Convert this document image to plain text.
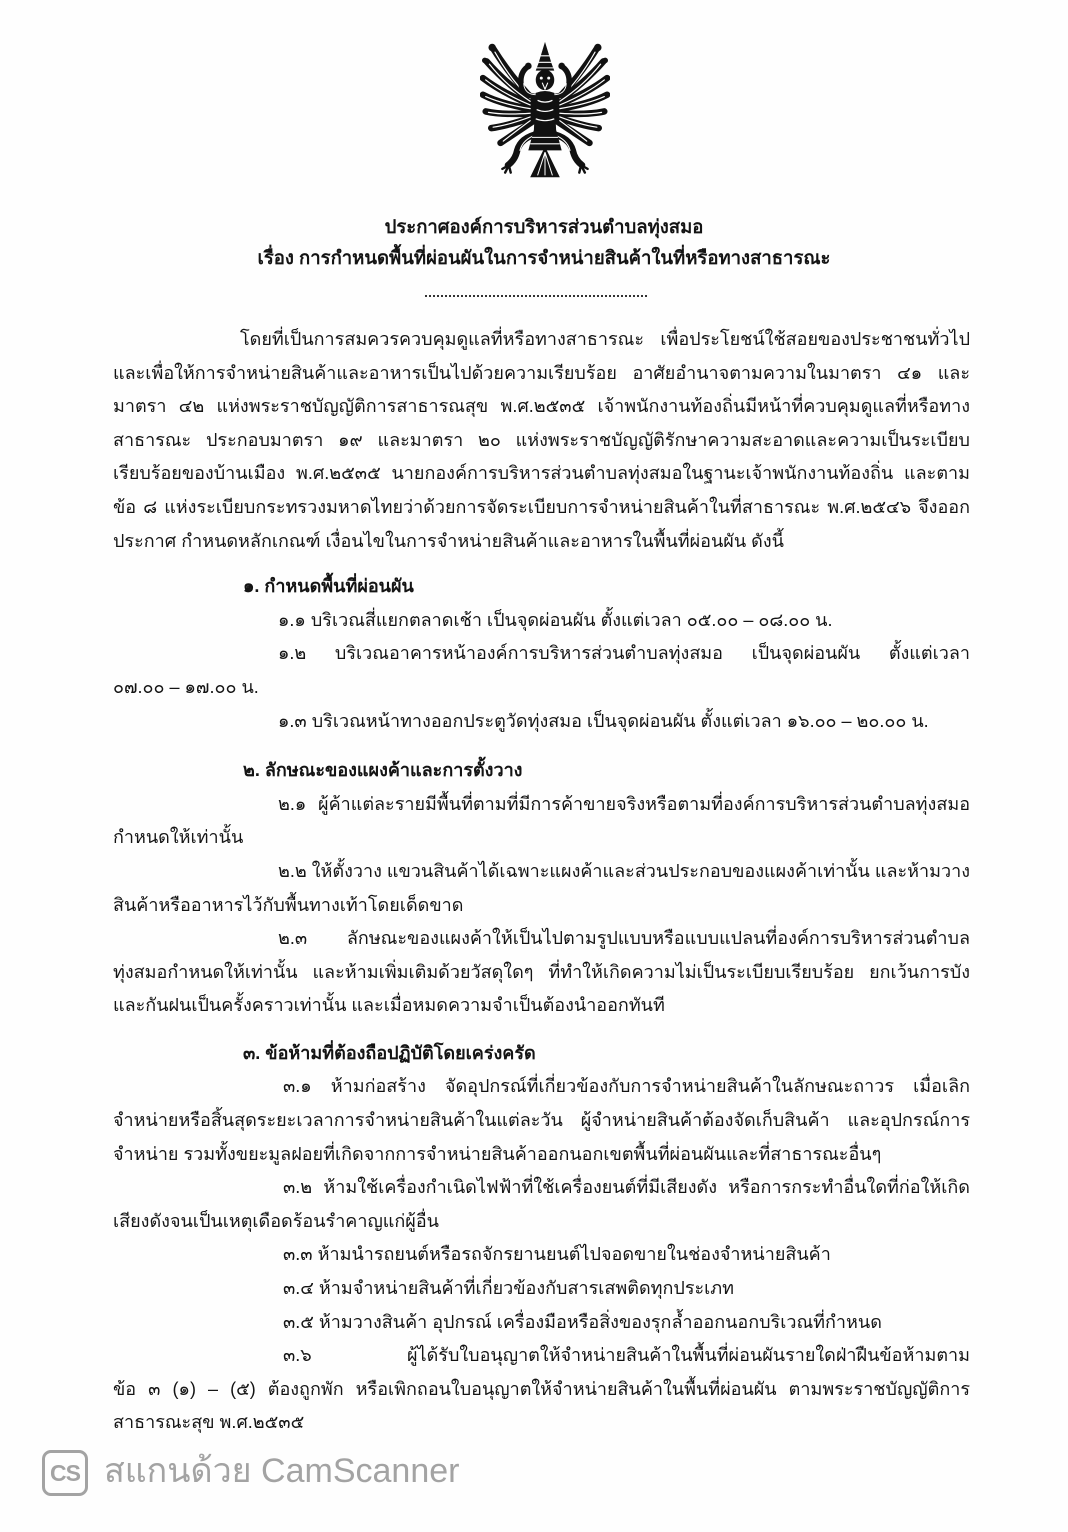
ประกาศองค์การบริหารส่วนตำบลทุ่งสมอ
เรื่อง การกำหนดพื้นที่ผ่อนผันในการจำหน่ายสินค้าในที่หรือทางสาธารณะ
โดยที่เป็นการสมควรควบคุมดูแลที่หรือทางสาธารณะ เพื่อประโยชน์ใช้สอยของประชาชนทั่วไป
และเพื่อให้การจำหน่ายสินค้าและอาหารเป็นไปด้วยความเรียบร้อย อาศัยอำนาจตามความในมาตรา ๔๑ และ
มาตรา ๔๒ แห่งพระราชบัญญัติการสาธารณสุข พ.ศ.๒๕๓๕ เจ้าพนักงานท้องถิ่นมีหน้าที่ควบคุมดูแลที่หรือทาง
สาธารณะ ประกอบมาตรา ๑๙ และมาตรา ๒๐ แห่งพระราชบัญญัติรักษาความสะอาดและความเป็นระเบียบ
เรียบร้อยของบ้านเมือง พ.ศ.๒๕๓๕ นายกองค์การบริหารส่วนตำบลทุ่งสมอในฐานะเจ้าพนักงานท้องถิ่น และตาม
ข้อ ๘ แห่งระเบียบกระทรวงมหาดไทยว่าด้วยการจัดระเบียบการจำหน่ายสินค้าในที่สาธารณะ พ.ศ.๒๕๔๖ จึงออก
ประกาศ กำหนดหลักเกณฑ์ เงื่อนไขในการจำหน่ายสินค้าและอาหารในพื้นที่ผ่อนผัน ดังนี้
๑. กำหนดพื้นที่ผ่อนผัน
๑.๑ บริเวณสี่แยกตลาดเช้า เป็นจุดผ่อนผัน ตั้งแต่เวลา ๐๕.๐๐ – ๐๘.๐๐ น.
๑.๒ บริเวณอาคารหน้าองค์การบริหารส่วนตำบลทุ่งสมอ เป็นจุดผ่อนผัน ตั้งแต่เวลา
๐๗.๐๐ – ๑๗.๐๐ น.
๑.๓ บริเวณหน้าทางออกประตูวัดทุ่งสมอ เป็นจุดผ่อนผัน ตั้งแต่เวลา ๑๖.๐๐ – ๒๐.๐๐ น.
๒. ลักษณะของแผงค้าและการตั้งวาง
๒.๑ ผู้ค้าแต่ละรายมีพื้นที่ตามที่มีการค้าขายจริงหรือตามที่องค์การบริหารส่วนตำบลทุ่งสมอ
กำหนดให้เท่านั้น
๒.๒ ให้ตั้งวาง แขวนสินค้าได้เฉพาะแผงค้าและส่วนประกอบของแผงค้าเท่านั้น และห้ามวาง
สินค้าหรืออาหารไว้กับพื้นทางเท้าโดยเด็ดขาด
๒.๓ ลักษณะของแผงค้าให้เป็นไปตามรูปแบบหรือแบบแปลนที่องค์การบริหารส่วนตำบล
ทุ่งสมอกำหนดให้เท่านั้น และห้ามเพิ่มเติมด้วยวัสดุใดๆ ที่ทำให้เกิดความไม่เป็นระเบียบเรียบร้อย ยกเว้นการบัง
และกันฝนเป็นครั้งคราวเท่านั้น และเมื่อหมดความจำเป็นต้องนำออกทันที
๓. ข้อห้ามที่ต้องถือปฏิบัติโดยเคร่งครัด
๓.๑ ห้ามก่อสร้าง จัดอุปกรณ์ที่เกี่ยวข้องกับการจำหน่ายสินค้าในลักษณะถาวร เมื่อเลิก
จำหน่ายหรือสิ้นสุดระยะเวลาการจำหน่ายสินค้าในแต่ละวัน ผู้จำหน่ายสินค้าต้องจัดเก็บสินค้า และอุปกรณ์การ
จำหน่าย รวมทั้งขยะมูลฝอยที่เกิดจากการจำหน่ายสินค้าออกนอกเขตพื้นที่ผ่อนผันและที่สาธารณะอื่นๆ
๓.๒ ห้ามใช้เครื่องกำเนิดไฟฟ้าที่ใช้เครื่องยนต์ที่มีเสียงดัง หรือการกระทำอื่นใดที่ก่อให้เกิด
เสียงดังจนเป็นเหตุเดือดร้อนรำคาญแก่ผู้อื่น
๓.๓ ห้ามนำรถยนต์หรือรถจักรยานยนต์ไปจอดขายในช่องจำหน่ายสินค้า
๓.๔ ห้ามจำหน่ายสินค้าที่เกี่ยวข้องกับสารเสพติดทุกประเภท
๓.๕ ห้ามวางสินค้า อุปกรณ์ เครื่องมือหรือสิ่งของรุกล้ำออกนอกบริเวณที่กำหนด
๓.๖ ผู้ได้รับใบอนุญาตให้จำหน่ายสินค้าในพื้นที่ผ่อนผันรายใดฝ่าฝืนข้อห้ามตาม
ข้อ ๓ (๑) – (๕) ต้องถูกพัก หรือเพิกถอนใบอนุญาตให้จำหน่ายสินค้าในพื้นที่ผ่อนผัน ตามพระราชบัญญัติการ
สาธารณะสุข พ.ศ.๒๕๓๕
CS สแกนด้วย CamScanner
